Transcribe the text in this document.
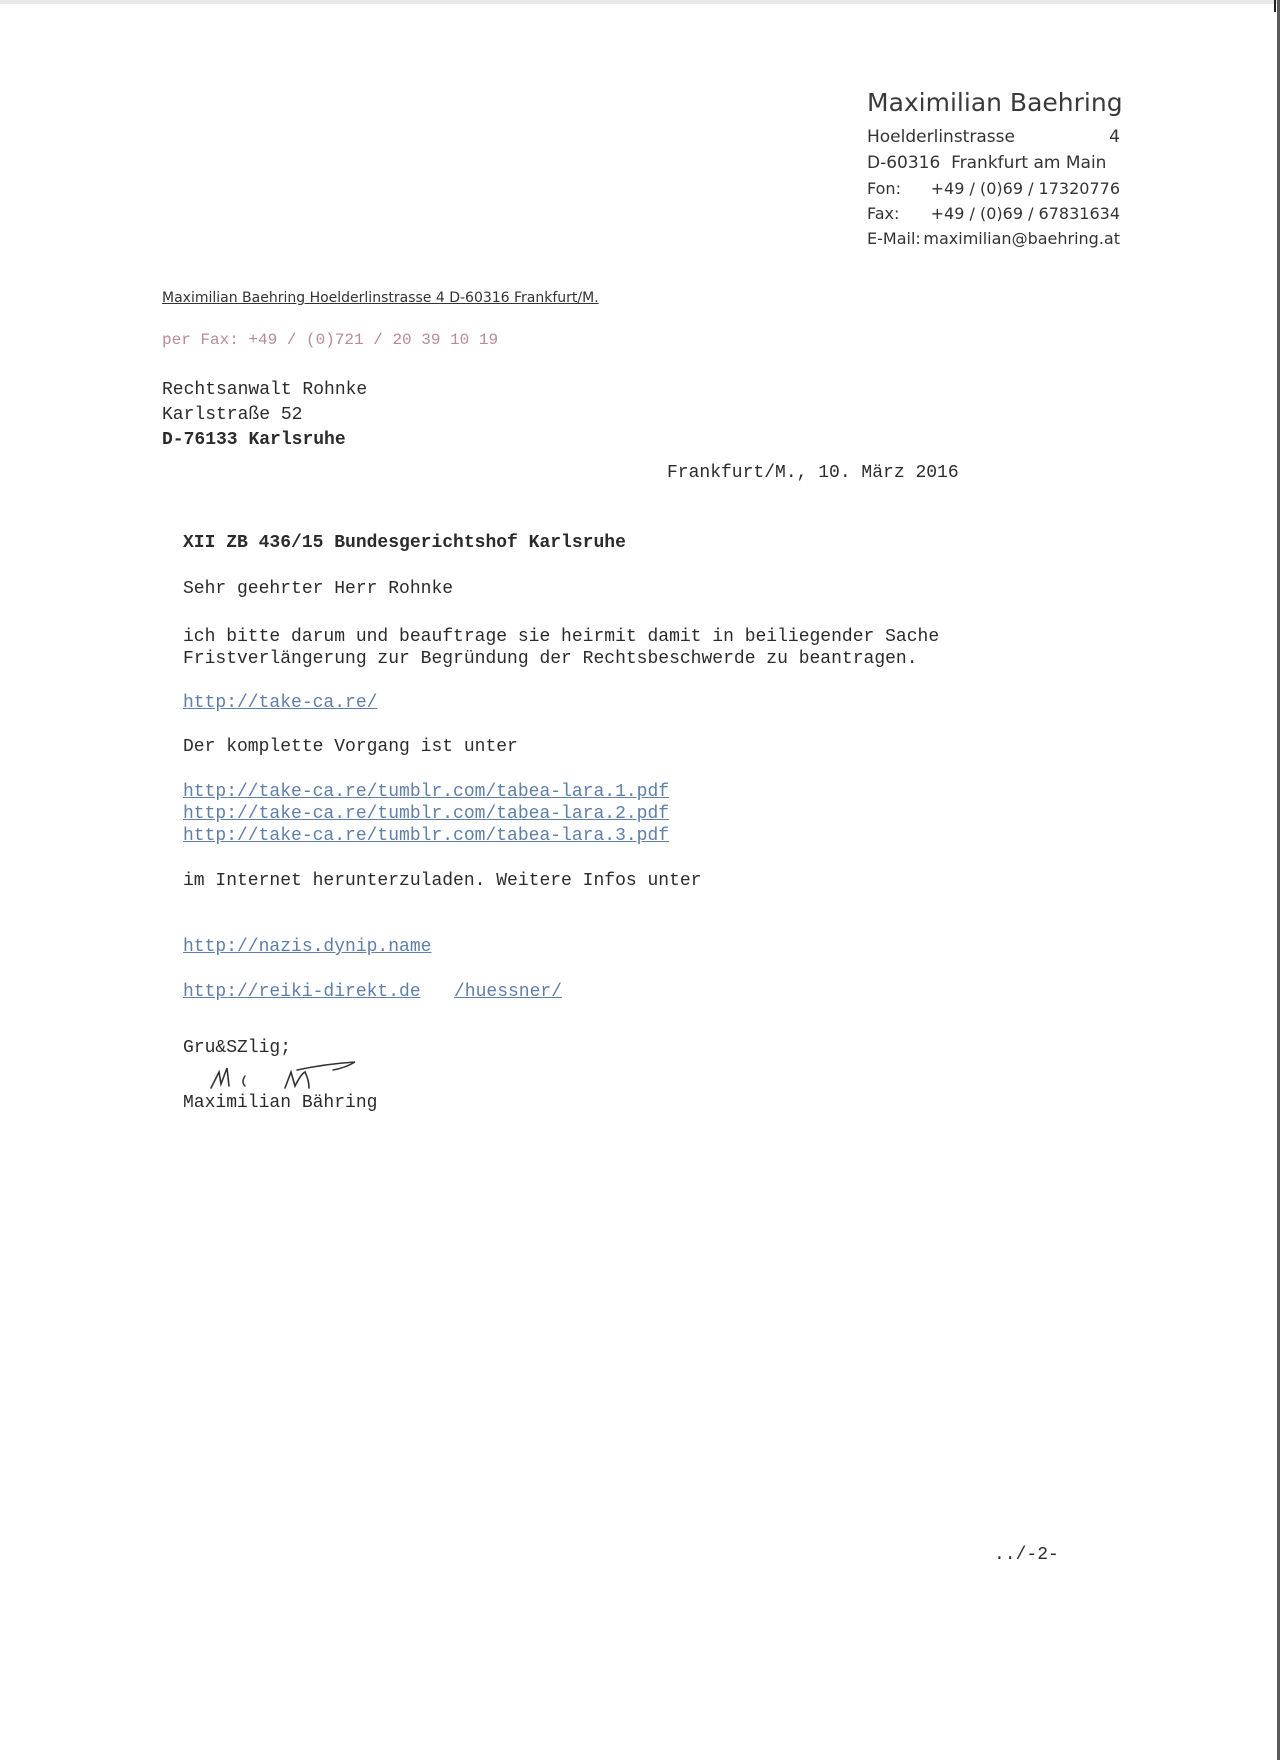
Maximilian Baehring
Hoelderlinstrasse	4
D-60316  Frankfurt am Main
Fon: +49 / (0)69 / 17320776
Fax: +49 / (0)69 / 67831634
E-Mail: maximilian@baehring.at
Maximilian Baehring Hoelderlinstrasse 4 D-60316 Frankfurt/M.
per Fax: +49 / (0)721 / 20 39 10 19
Rechtsanwalt Rohnke
Karlstraße 52
D-76133 Karlsruhe
Frankfurt/M., 10. März 2016
XII ZB 436/15 Bundesgerichtshof Karlsruhe
Sehr geehrter Herr Rohnke
ich bitte darum und beauftrage sie heirmit damit in beiliegender Sache
Fristverlängerung zur Begründung der Rechtsbeschwerde zu beantragen.
http://take-ca.re/
Der komplette Vorgang ist unter
http://take-ca.re/tumblr.com/tabea-lara.1.pdf
http://take-ca.re/tumblr.com/tabea-lara.2.pdf
http://take-ca.re/tumblr.com/tabea-lara.3.pdf
im Internet herunterzuladen. Weitere Infos unter
http://nazis.dynip.name
http://reiki-direkt.de /huessner/
Gru&SZlig;
Maximilian Bähring
../-2-
